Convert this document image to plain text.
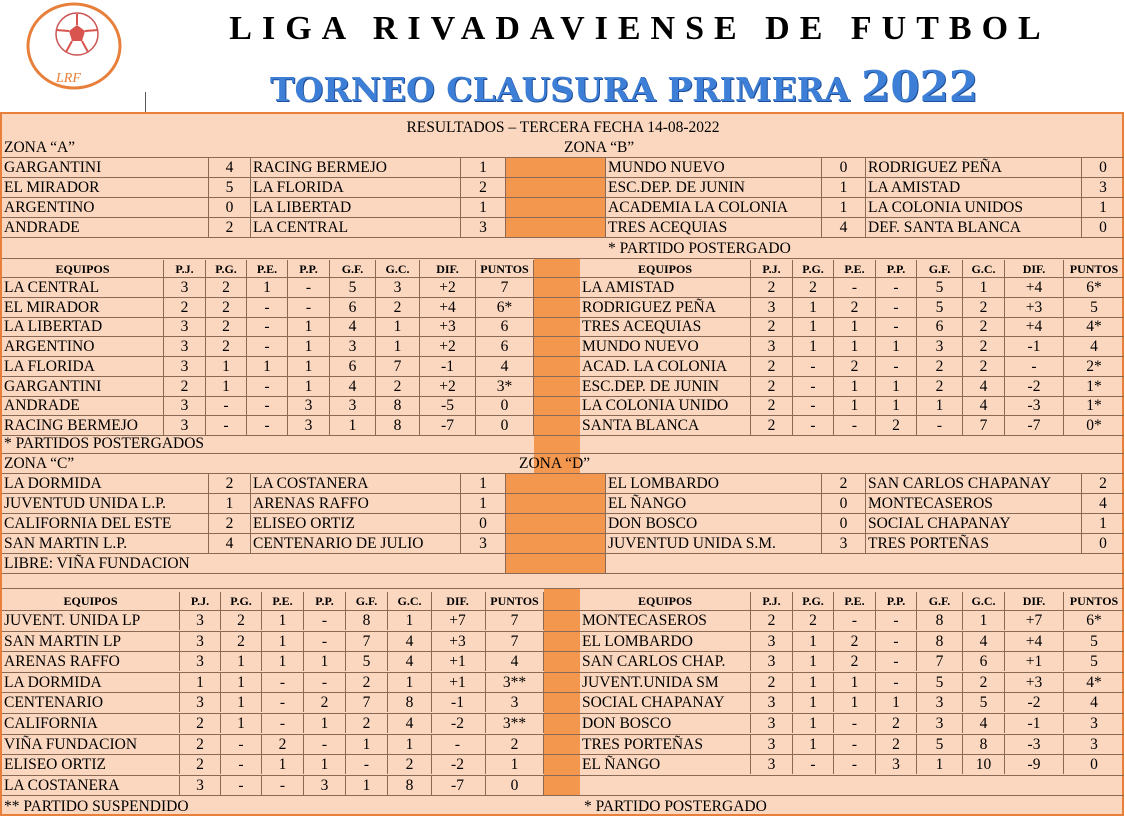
LRF
LIGA RIVADAVIENSE DE FUTBOL
TORNEO CLAUSURA PRIMERA 2022
RESULTADOS – TERCERA FECHA 14-08-2022
ZONA “A”	ZONA “B”
GARGANTINI	4	RACING BERMEJO	1	MUNDO NUEVO	0	RODRIGUEZ PEÑA	0
EL MIRADOR	5	LA FLORIDA	2	ESC.DEP. DE JUNIN	1	LA AMISTAD	3
ARGENTINO	0	LA LIBERTAD	1	ACADEMIA LA COLONIA	1	LA COLONIA UNIDOS	1
ANDRADE	2	LA CENTRAL	3	TRES ACEQUIAS	4	DEF. SANTA BLANCA	0
* PARTIDO POSTERGADO
EQUIPOS	P.J.	P.G.	P.E.	P.P.	G.F.	G.C.	DIF.	PUNTOS	EQUIPOS	P.J.	P.G.	P.E.	P.P.	G.F.	G.C.	DIF.	PUNTOS
LA CENTRAL	3	2	1	-	5	3	+2	7	LA AMISTAD	2	2	-	-	5	1	+4	6*
EL MIRADOR	2	2	-	-	6	2	+4	6*	RODRIGUEZ PEÑA	3	1	2	-	5	2	+3	5
LA LIBERTAD	3	2	-	1	4	1	+3	6	TRES ACEQUIAS	2	1	1	-	6	2	+4	4*
ARGENTINO	3	2	-	1	3	1	+2	6	MUNDO NUEVO	3	1	1	1	3	2	-1	4
LA FLORIDA	3	1	1	1	6	7	-1	4	ACAD. LA COLONIA	2	-	2	-	2	2	-	2*
GARGANTINI	2	1	-	1	4	2	+2	3*	ESC.DEP. DE JUNIN	2	-	1	1	2	4	-2	1*
ANDRADE	3	-	-	3	3	8	-5	0	LA COLONIA UNIDO	2	-	1	1	1	4	-3	1*
RACING BERMEJO	3	-	-	3	1	8	-7	0	SANTA BLANCA	2	-	-	2	-	7	-7	0*
* PARTIDOS POSTERGADOS
ZONA “C”	ZONA “D”
LA DORMIDA	2	LA COSTANERA	1	EL LOMBARDO	2	SAN CARLOS CHAPANAY	2
JUVENTUD UNIDA L.P.	1	ARENAS RAFFO	1	EL ÑANGO	0	MONTECASEROS	4
CALIFORNIA DEL ESTE	2	ELISEO ORTIZ	0	DON BOSCO	0	SOCIAL CHAPANAY	1
SAN MARTIN L.P.	4	CENTENARIO DE JULIO	3	JUVENTUD UNIDA S.M.	3	TRES PORTEÑAS	0
LIBRE: VIÑA FUNDACION
EQUIPOS	P.J.	P.G.	P.E.	P.P.	G.F.	G.C.	DIF.	PUNTOS	EQUIPOS	P.J.	P.G.	P.E.	P.P.	G.F.	G.C.	DIF.	PUNTOS
JUVENT. UNIDA LP	3	2	1	-	8	1	+7	7	MONTECASEROS	2	2	-	-	8	1	+7	6*
SAN MARTIN LP	3	2	1	-	7	4	+3	7	EL LOMBARDO	3	1	2	-	8	4	+4	5
ARENAS RAFFO	3	1	1	1	5	4	+1	4	SAN CARLOS CHAP.	3	1	2	-	7	6	+1	5
LA DORMIDA	1	1	-	-	2	1	+1	3**	JUVENT.UNIDA SM	2	1	1	-	5	2	+3	4*
CENTENARIO	3	1	-	2	7	8	-1	3	SOCIAL CHAPANAY	3	1	1	1	3	5	-2	4
CALIFORNIA	2	1	-	1	2	4	-2	3**	DON BOSCO	3	1	-	2	3	4	-1	3
VIÑA FUNDACION	2	-	2	-	1	1	-	2	TRES PORTEÑAS	3	1	-	2	5	8	-3	3
ELISEO ORTIZ	2	-	1	1	-	2	-2	1	EL ÑANGO	3	-	-	3	1	10	-9	0
LA COSTANERA	3	-	-	3	1	8	-7	0
** PARTIDO SUSPENDIDO	* PARTIDO POSTERGADO
